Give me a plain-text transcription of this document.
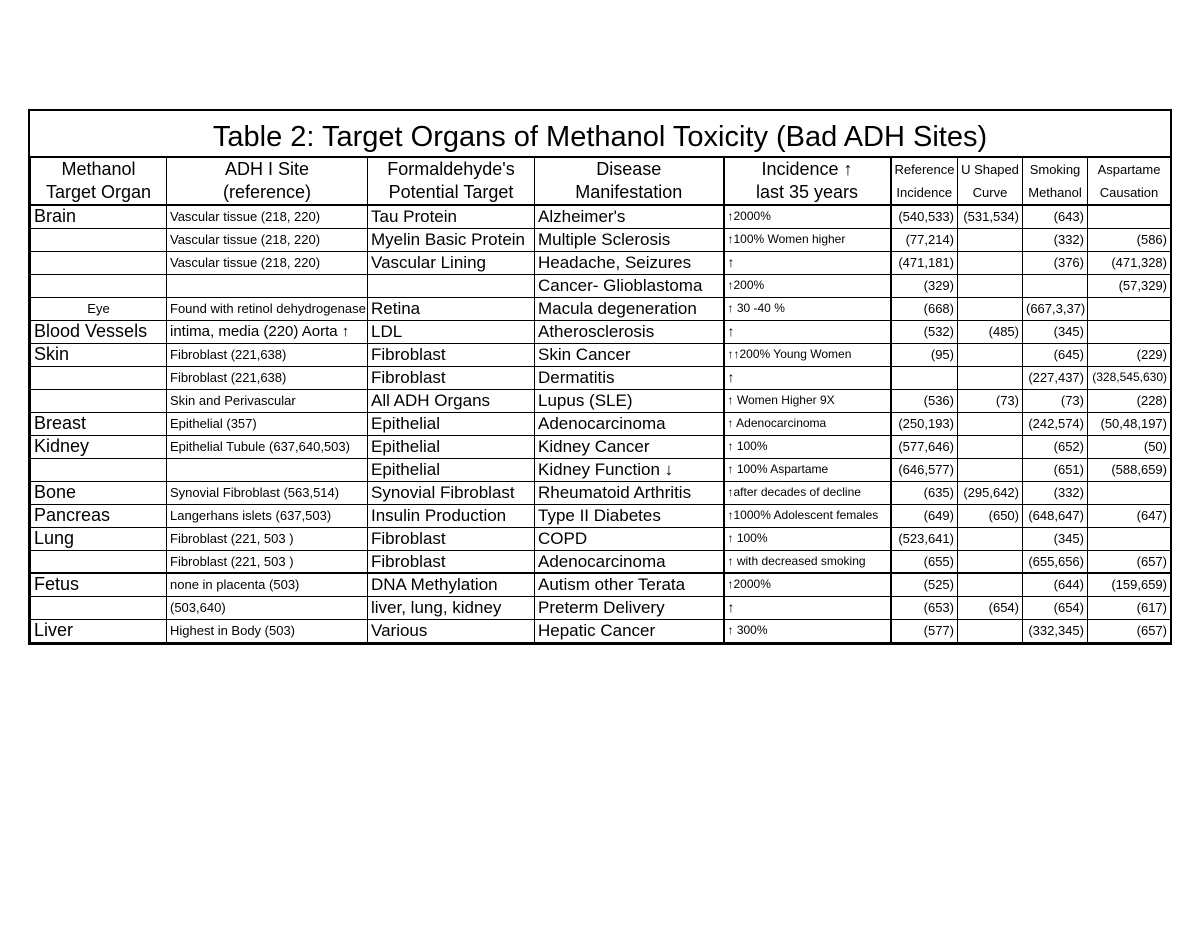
Table 2: Target Organs of Methanol Toxicity (Bad ADH Sites)
Methanol	ADH I Site	Formaldehyde's	Disease	Incidence ↑	Reference	U Shaped	Smoking	Aspartame
Target Organ	(reference)	Potential Target	Manifestation	last 35 years	Incidence	Curve	Methanol	Causation
Brain	Vascular tissue (218, 220)	Tau Protein	Alzheimer's	↑2000%	(540,533)	(531,534)	(643)	
	Vascular tissue (218, 220)	Myelin Basic Protein	Multiple Sclerosis	↑100% Women higher	(77,214)		(332)	(586)
	Vascular tissue (218, 220)	Vascular Lining	Headache, Seizures	↑	(471,181)		(376)	(471,328)
			Cancer- Glioblastoma	↑200%	(329)			(57,329)
Eye	Found with retinol dehydrogenase	Retina	Macula degeneration	↑ 30 -40 %	(668)		(667,3,37)	
Blood Vessels	intima, media (220) Aorta ↑	LDL	Atherosclerosis	↑	(532)	(485)	(345)	
Skin	Fibroblast (221,638)	Fibroblast	Skin Cancer	↑↑200% Young Women	(95)		(645)	(229)
	Fibroblast (221,638)	Fibroblast	Dermatitis	↑			(227,437)	(328,545,630)
	Skin and Perivascular	All ADH Organs	Lupus (SLE)	↑ Women Higher 9X	(536)	(73)	(73)	(228)
Breast	Epithelial (357)	Epithelial	Adenocarcinoma	↑ Adenocarcinoma	(250,193)		(242,574)	(50,48,197)
Kidney	Epithelial Tubule (637,640,503)	Epithelial	Kidney Cancer	↑ 100%	(577,646)		(652)	(50)
		Epithelial	Kidney Function ↓	↑ 100% Aspartame	(646,577)		(651)	(588,659)
Bone	Synovial Fibroblast (563,514)	Synovial Fibroblast	Rheumatoid Arthritis	↑after decades of decline	(635)	(295,642)	(332)	
Pancreas	Langerhans islets (637,503)	Insulin Production	Type II Diabetes	↑1000% Adolescent females	(649)	(650)	(648,647)	(647)
Lung	Fibroblast (221, 503 )	Fibroblast	COPD	↑ 100%	(523,641)		(345)	
	Fibroblast (221, 503 )	Fibroblast	Adenocarcinoma	↑ with decreased smoking	(655)		(655,656)	(657)
Fetus	none in placenta (503)	DNA Methylation	Autism other Terata	↑2000%	(525)		(644)	(159,659)
	(503,640)	liver, lung, kidney	Preterm Delivery	↑	(653)	(654)	(654)	(617)
Liver	Highest in Body (503)	Various	Hepatic Cancer	↑ 300%	(577)		(332,345)	(657)
